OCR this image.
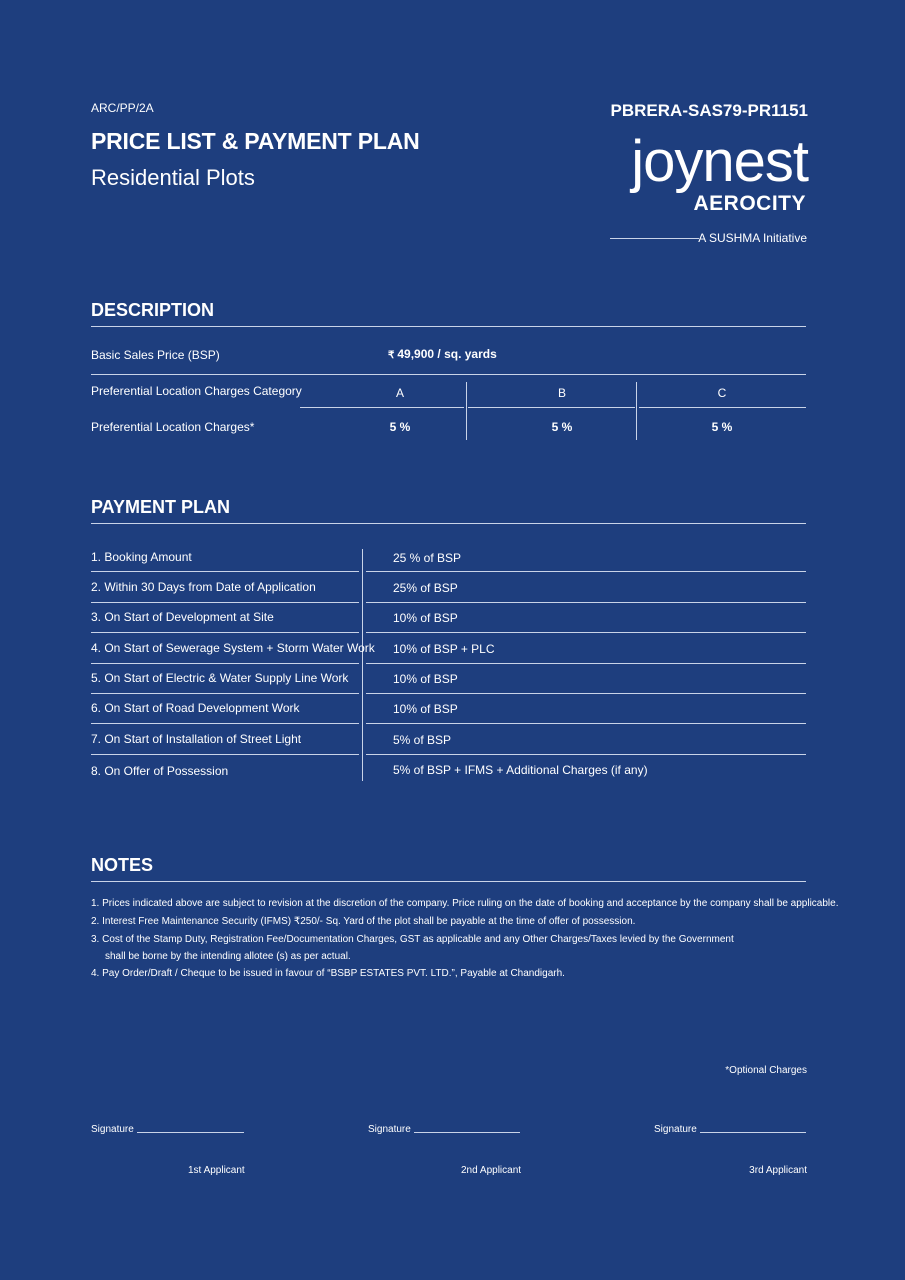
ARC/PP/2A
PRICE LIST & PAYMENT PLAN
Residential Plots
PBRERA-SAS79-PR1151
joynest
AEROCITY
A SUSHMA Initiative
DESCRIPTION
Basic Sales Price (BSP)	₹ 49,900 / sq. yards
Preferential Location Charges Category	A	B	C
Preferential Location Charges*	5 %	5 %	5 %
PAYMENT PLAN
1. Booking Amount	25 % of BSP
2. Within 30 Days from Date of Application	25% of BSP
3. On Start of Development at Site	10% of BSP
4. On Start of Sewerage System + Storm Water Work 10% of BSP + PLC
5. On Start of Electric & Water Supply Line Work	10% of BSP
6. On Start of Road Development Work	10% of BSP
7. On Start of Installation of Street Light	5% of BSP
8. On Offer of Possession	5% of BSP + IFMS + Additional Charges (if any)
NOTES
1. Prices indicated above are subject to revision at the discretion of the company. Price ruling on the date of booking and acceptance by the company shall be applicable.
2. Interest Free Maintenance Security (IFMS) ₹250/- Sq. Yard of the plot shall be payable at the time of offer of possession.
3. Cost of the Stamp Duty, Registration Fee/Documentation Charges, GST as applicable and any Other Charges/Taxes levied by the Government
shall be borne by the intending allotee (s) as per actual.
4. Pay Order/Draft / Cheque to be issued in favour of “BSBP ESTATES PVT. LTD.”, Payable at Chandigarh.
*Optional Charges
Signature
1st Applicant
Signature
2nd Applicant
Signature
3rd Applicant
